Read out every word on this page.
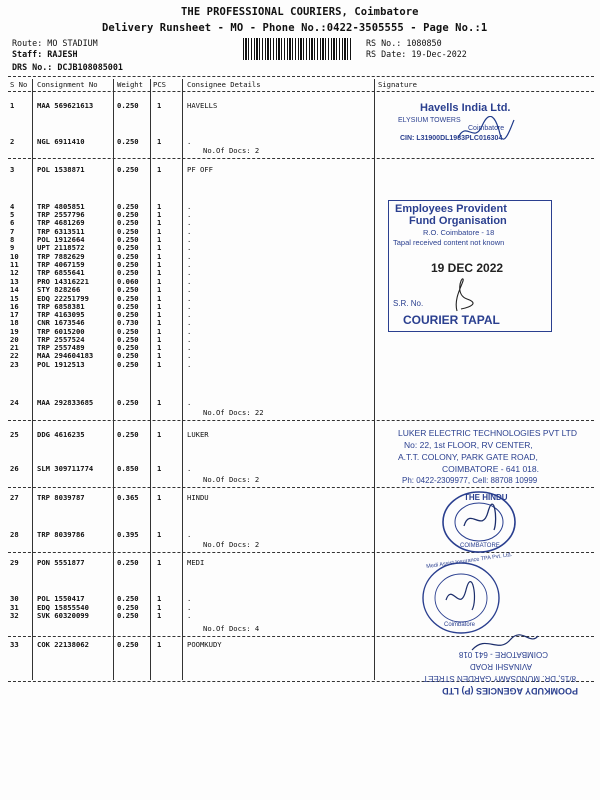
THE PROFESSIONAL COURIERS, Coimbatore
Delivery Runsheet - MO - Phone No.:0422-3505555 - Page No.:1
Route: MO STADIUM
Staff: RAJESH
DRS No.: DCJB108085001
RS No.: 1080850
RS Date: 19-Dec-2022
S No Consignment No	Weight PCS	Consignee Details	Signature
1	MAA 569621613	0.250	1	HAVELLS
2	NGL 6911410	0.250	1	.
3	POL 1538871	0.250	1	PF OFF
4	TRP 4805851	0.250	1	.
5	TRP 2557796	0.250	1	.
6	TRP 4681269	0.250	1	.
7	TRP 6313511	0.250	1	.
8	POL 1912664	0.250	1	.
9	UPT 2118572	0.250	1	.
10	TRP 7882629	0.250	1	.
11	TRP 4067159	0.250	1	.
12	TRP 6855641	0.250	1	.
13	PRO 14316221	0.060	1	.
14	STY 828266	0.250	1	.
15	EDQ 22251799	0.250	1	.
16	TRP 6858381	0.250	1	.
17	TRP 4163095	0.250	1	.
18	CNR 1673546	0.730	1	.
19	TRP 6015200	0.250	1	.
20	TRP 2557524	0.250	1	.
21	TRP 2557489	0.250	1	.
22	MAA 294604183	0.250	1	.
23	POL 1912513	0.250	1	.
24	MAA 292833685	0.250	1	.
25	DDG 4616235	0.250	1	LUKER
26	SLM 309711774	0.850	1	.
27	TRP 8039787	0.365	1	HINDU
28	TRP 8039786	0.395	1	.
29	PON 5551877	0.250	1	MEDI
30	POL 1550417	0.250	1	.
31	EDQ 15855540	0.250	1	.
32	SVK 60320099	0.250	1	.
33	COK 22138062	0.250	1	POOMKUDY
No.Of Docs: 2
No.Of Docs: 22
No.Of Docs: 2
No.Of Docs: 2
No.Of Docs: 4
Havells India Ltd.
ELYSIUM TOWERS
Coimbatore
CIN: L31900DL1983PLC016304
Employees Provident
Fund Organisation
R.O. Coimbatore - 18
Tapal received content not known
19 DEC 2022
S.R. No.
COURIER TAPAL
LUKER ELECTRIC TECHNOLOGIES PVT LTD
No: 22, 1st FLOOR, RV CENTER,
A.T.T. COLONY, PARK GATE ROAD,
COIMBATORE - 641 018.
Ph: 0422-2309977, Cell: 88708 10999
THE HINDU
COIMBATORE
Medi Assist Insurance TPA Pvt. Ltd.
Coimbatore
POOMKUDY AGENCIES (P) LTD
8/15, DR. MUNUSAMY GARDEN STREET
AVINASHI ROAD
COIMBATORE - 641 018
